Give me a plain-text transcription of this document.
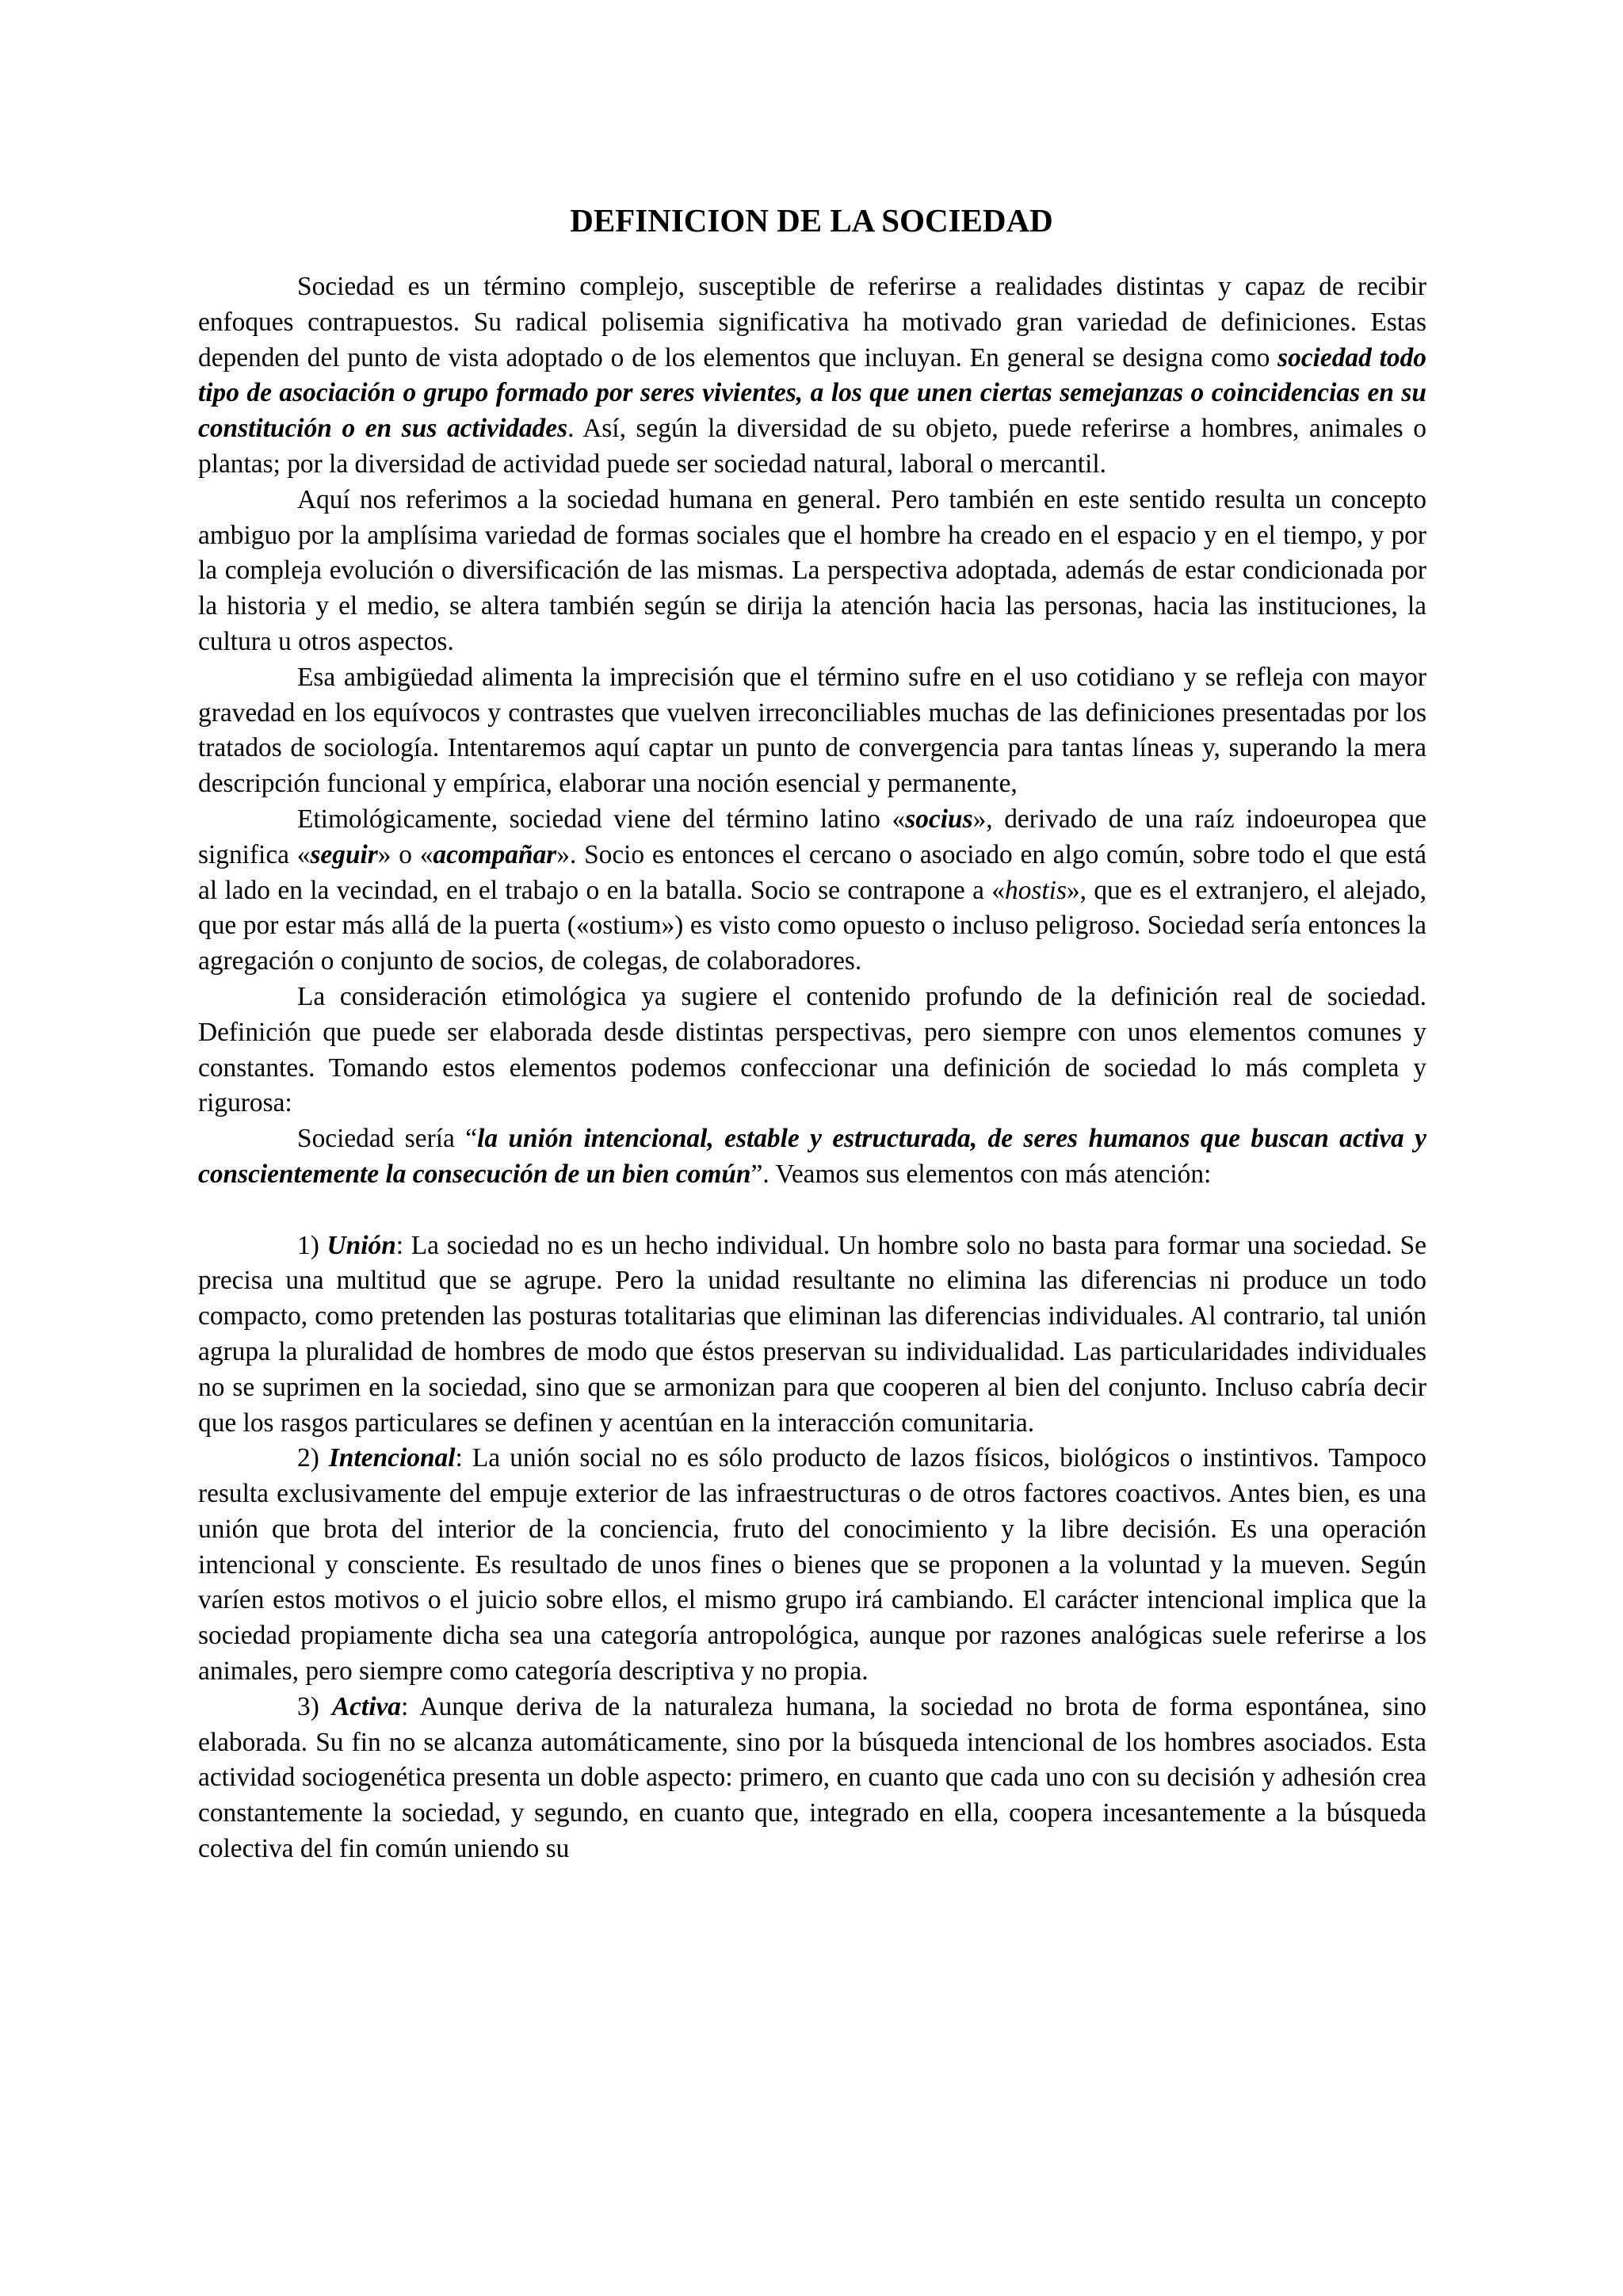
DEFINICION DE LA SOCIEDAD

Sociedad es un término complejo, susceptible de referirse a realidades distintas y capaz de recibir enfoques contrapuestos. Su radical polisemia significativa ha motivado gran variedad de definiciones. Estas dependen del punto de vista adoptado o de los elementos que incluyan. En general se designa como sociedad todo tipo de asociación o grupo formado por seres vivientes, a los que unen ciertas semejanzas o coincidencias en su constitución o en sus actividades. Así, según la diversidad de su objeto, puede referirse a hombres, animales o plantas; por la diversidad de actividad puede ser sociedad natural, laboral o mercantil.

Aquí nos referimos a la sociedad humana en general. Pero también en este sentido resulta un concepto ambiguo por la amplísima variedad de formas sociales que el hombre ha creado en el espacio y en el tiempo, y por la compleja evolución o diversificación de las mismas. La perspectiva adoptada, además de estar condicionada por la historia y el medio, se altera también según se dirija la atención hacia las personas, hacia las instituciones, la cultura u otros aspectos.

Esa ambigüedad alimenta la imprecisión que el término sufre en el uso cotidiano y se refleja con mayor gravedad en los equívocos y contrastes que vuelven irreconciliables muchas de las definiciones presentadas por los tratados de sociología. Intentaremos aquí captar un punto de convergencia para tantas líneas y, superando la mera descripción funcional y empírica, elaborar una noción esencial y permanente,

Etimológicamente, sociedad viene del término latino «socius», derivado de una raíz indoeuropea que significa «seguir» o «acompañar». Socio es entonces el cercano o asociado en algo común, sobre todo el que está al lado en la vecindad, en el trabajo o en la batalla. Socio se contrapone a «hostis», que es el extranjero, el alejado, que por estar más allá de la puerta («ostium») es visto como opuesto o incluso peligroso. Sociedad sería entonces la agregación o conjunto de socios, de colegas, de colaboradores.

La consideración etimológica ya sugiere el contenido profundo de la definición real de sociedad. Definición que puede ser elaborada desde distintas perspectivas, pero siempre con unos elementos comunes y constantes. Tomando estos elementos podemos confeccionar una definición de sociedad lo más completa y rigurosa:

Sociedad sería “la unión intencional, estable y estructurada, de seres humanos que buscan activa y conscientemente la consecución de un bien común”. Veamos sus elementos con más atención:

1) Unión: La sociedad no es un hecho individual. Un hombre solo no basta para formar una sociedad. Se precisa una multitud que se agrupe. Pero la unidad resultante no elimina las diferencias ni produce un todo compacto, como pretenden las posturas totalitarias que eliminan las diferencias individuales. Al contrario, tal unión agrupa la pluralidad de hombres de modo que éstos preservan su individualidad. Las particularidades individuales no se suprimen en la sociedad, sino que se armonizan para que cooperen al bien del conjunto. Incluso cabría decir que los rasgos particulares se definen y acentúan en la interacción comunitaria.

2) Intencional: La unión social no es sólo producto de lazos físicos, biológicos o instintivos. Tampoco resulta exclusivamente del empuje exterior de las infraestructuras o de otros factores coactivos. Antes bien, es una unión que brota del interior de la conciencia, fruto del conocimiento y la libre decisión. Es una operación intencional y consciente. Es resultado de unos fines o bienes que se proponen a la voluntad y la mueven. Según varíen estos motivos o el juicio sobre ellos, el mismo grupo irá cambiando. El carácter intencional implica que la sociedad propiamente dicha sea una categoría antropológica, aunque por razones analógicas suele referirse a los animales, pero siempre como categoría descriptiva y no propia.

3) Activa: Aunque deriva de la naturaleza humana, la sociedad no brota de forma espontánea, sino elaborada. Su fin no se alcanza automáticamente, sino por la búsqueda intencional de los hombres asociados. Esta actividad sociogenética presenta un doble aspecto: primero, en cuanto que cada uno con su decisión y adhesión crea constantemente la sociedad, y segundo, en cuanto que, integrado en ella, coopera incesantemente a la búsqueda colectiva del fin común uniendo su
